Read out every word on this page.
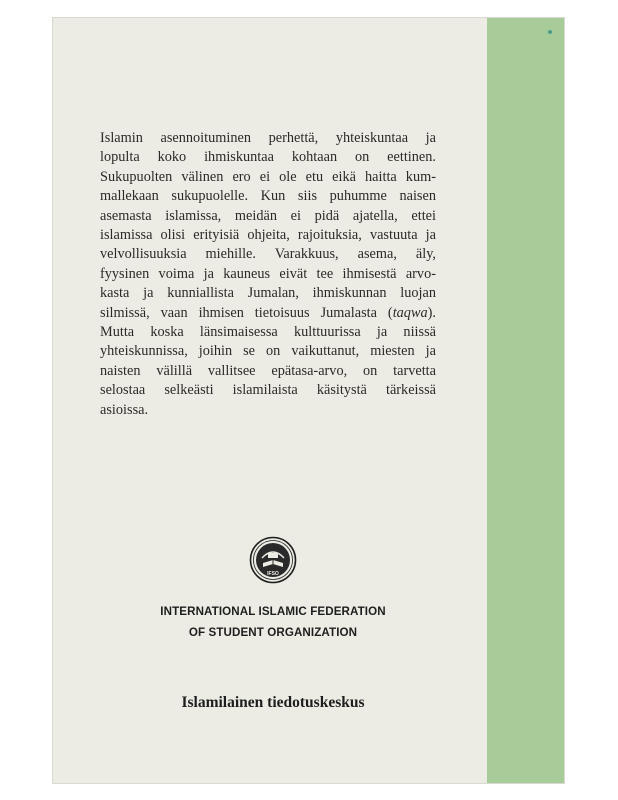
Islamin asennoituminen perhettä, yhteiskuntaa ja
lopulta koko ihmiskuntaa kohtaan on eettinen.
Sukupuolten välinen ero ei ole etu eikä haitta kum-
mallekaan sukupuolelle. Kun siis puhumme naisen
asemasta islamissa, meidän ei pidä ajatella, ettei
islamissa olisi erityisiä ohjeita, rajoituksia, vastuuta ja
velvollisuuksia miehille. Varakkuus, asema, äly,
fyysinen voima ja kauneus eivät tee ihmisestä arvo-
kasta ja kunniallista Jumalan, ihmiskunnan luojan
silmissä, vaan ihmisen tietoisuus Jumalasta (taqwa).
Mutta koska länsimaisessa kulttuurissa ja niissä
yhteiskunnissa, joihin se on vaikuttanut, miesten ja
naisten välillä vallitsee epätasa-arvo, on tarvetta
selostaa selkeästi islamilaista käsitystä tärkeissä
asioissa.

IFSO
INTERNATIONAL ISLAMIC FEDERATION
OF STUDENT ORGANIZATION
Islamilainen tiedotuskeskus
